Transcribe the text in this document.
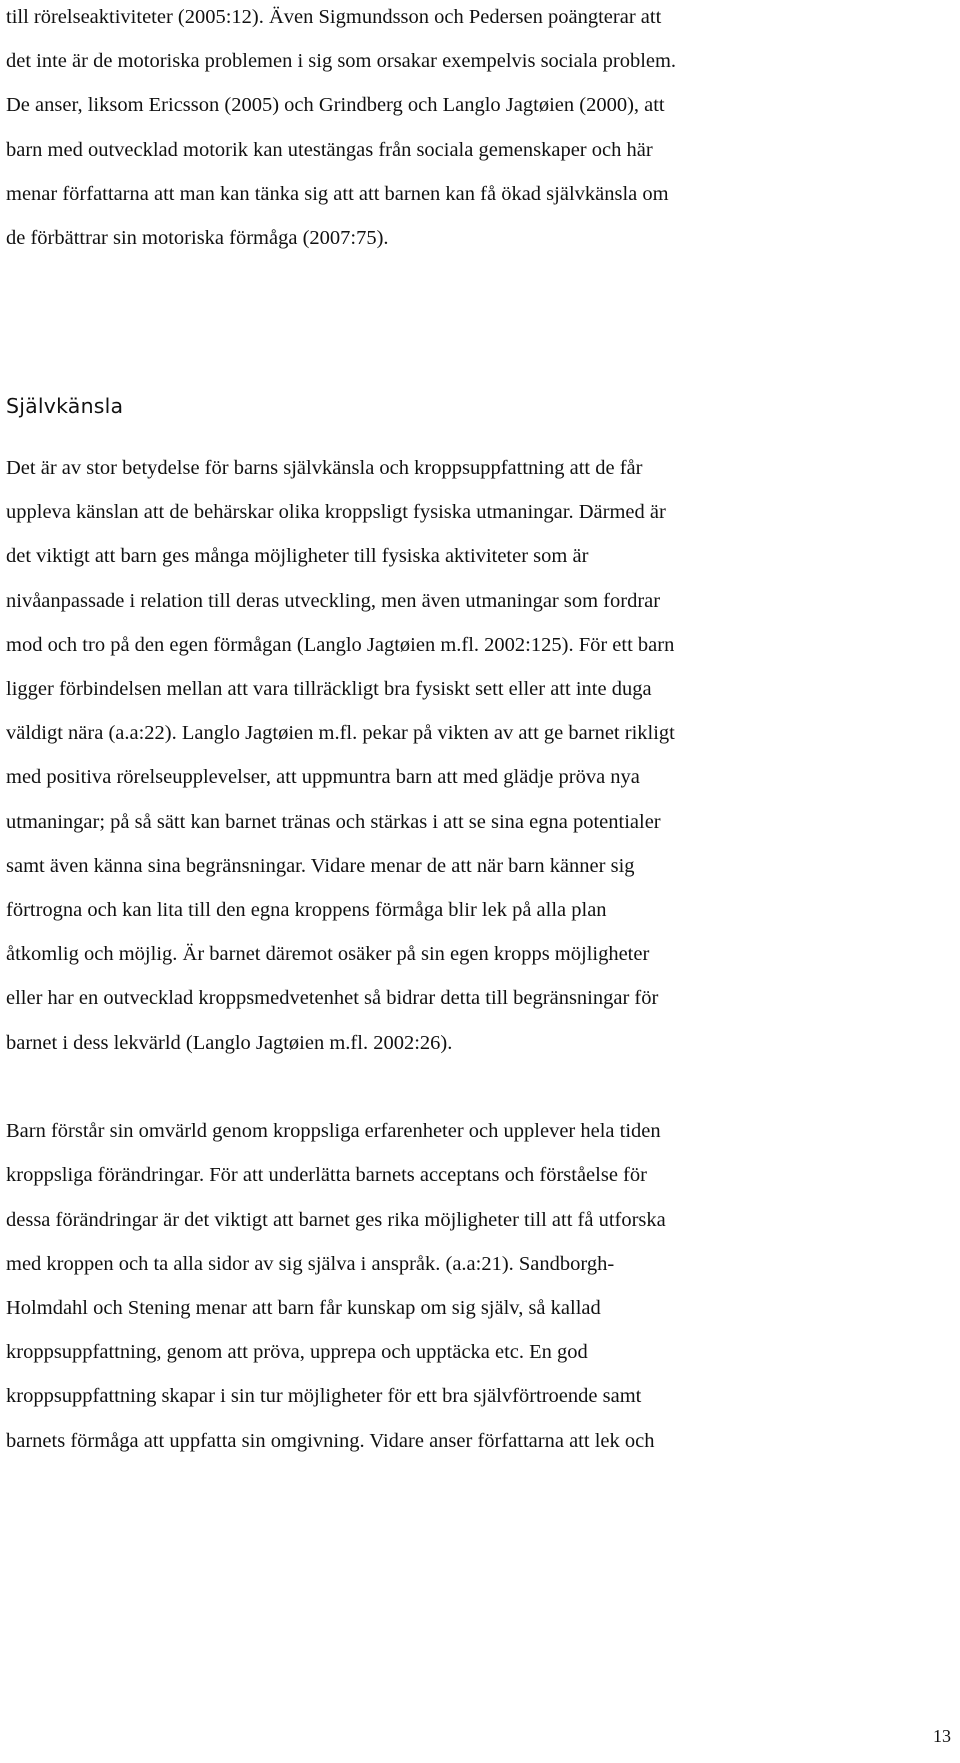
till rörelseaktiviteter (2005:12). Även Sigmundsson och Pedersen poängterar att

det inte är de motoriska problemen i sig som orsakar exempelvis sociala problem.

De anser, liksom Ericsson (2005) och Grindberg och Langlo Jagtøien (2000), att

barn med outvecklad motorik kan utestängas från sociala gemenskaper och här

menar författarna att man kan tänka sig att att barnen kan få ökad självkänsla om

de förbättrar sin motoriska förmåga (2007:75).

Självkänsla

Det är av stor betydelse för barns självkänsla och kroppsuppfattning att de får

uppleva känslan att de behärskar olika kroppsligt fysiska utmaningar. Därmed är

det viktigt att barn ges många möjligheter till fysiska aktiviteter som är

nivåanpassade i relation till deras utveckling, men även utmaningar som fordrar

mod och tro på den egen förmågan (Langlo Jagtøien m.fl. 2002:125). För ett barn

ligger förbindelsen mellan att vara tillräckligt bra fysiskt sett eller att inte duga

väldigt nära (a.a:22). Langlo Jagtøien m.fl. pekar på vikten av att ge barnet rikligt

med positiva rörelseupplevelser, att uppmuntra barn att med glädje pröva nya

utmaningar; på så sätt kan barnet tränas och stärkas i att se sina egna potentialer

samt även känna sina begränsningar. Vidare menar de att när barn känner sig

förtrogna och kan lita till den egna kroppens förmåga blir lek på alla plan

åtkomlig och möjlig. Är barnet däremot osäker på sin egen kropps möjligheter

eller har en outvecklad kroppsmedvetenhet så bidrar detta till begränsningar för

barnet i dess lekvärld (Langlo Jagtøien m.fl. 2002:26).

Barn förstår sin omvärld genom kroppsliga erfarenheter och upplever hela tiden

kroppsliga förändringar. För att underlätta barnets acceptans och förståelse för

dessa förändringar är det viktigt att barnet ges rika möjligheter till att få utforska

med kroppen och ta alla sidor av sig själva i anspråk. (a.a:21). Sandborgh-

Holmdahl och Stening menar att barn får kunskap om sig själv, så kallad

kroppsuppfattning, genom att pröva, upprepa och upptäcka etc. En god

kroppsuppfattning skapar i sin tur möjligheter för ett bra självförtroende samt

barnets förmåga att uppfatta sin omgivning. Vidare anser författarna att lek och

13
